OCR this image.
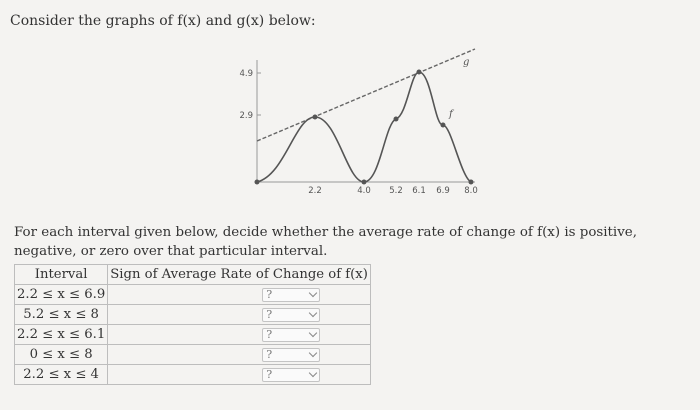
Consider the graphs of f(x) and g(x) below:
4.9
2.9
2.2	4.0 5.2 6.1 6.9 8.0
g
f
For each interval given below, decide whether the average rate of change of f(x) is positive, negative, or zero over that particular interval.
Interval	Sign of Average Rate of Change of f(x)
2.2 ≤ x ≤ 6.9	?

5.2 ≤ x ≤ 8	?

2.2 ≤ x ≤ 6.1	?

0 ≤ x ≤ 8	?

2.2 ≤ x ≤ 4	?
